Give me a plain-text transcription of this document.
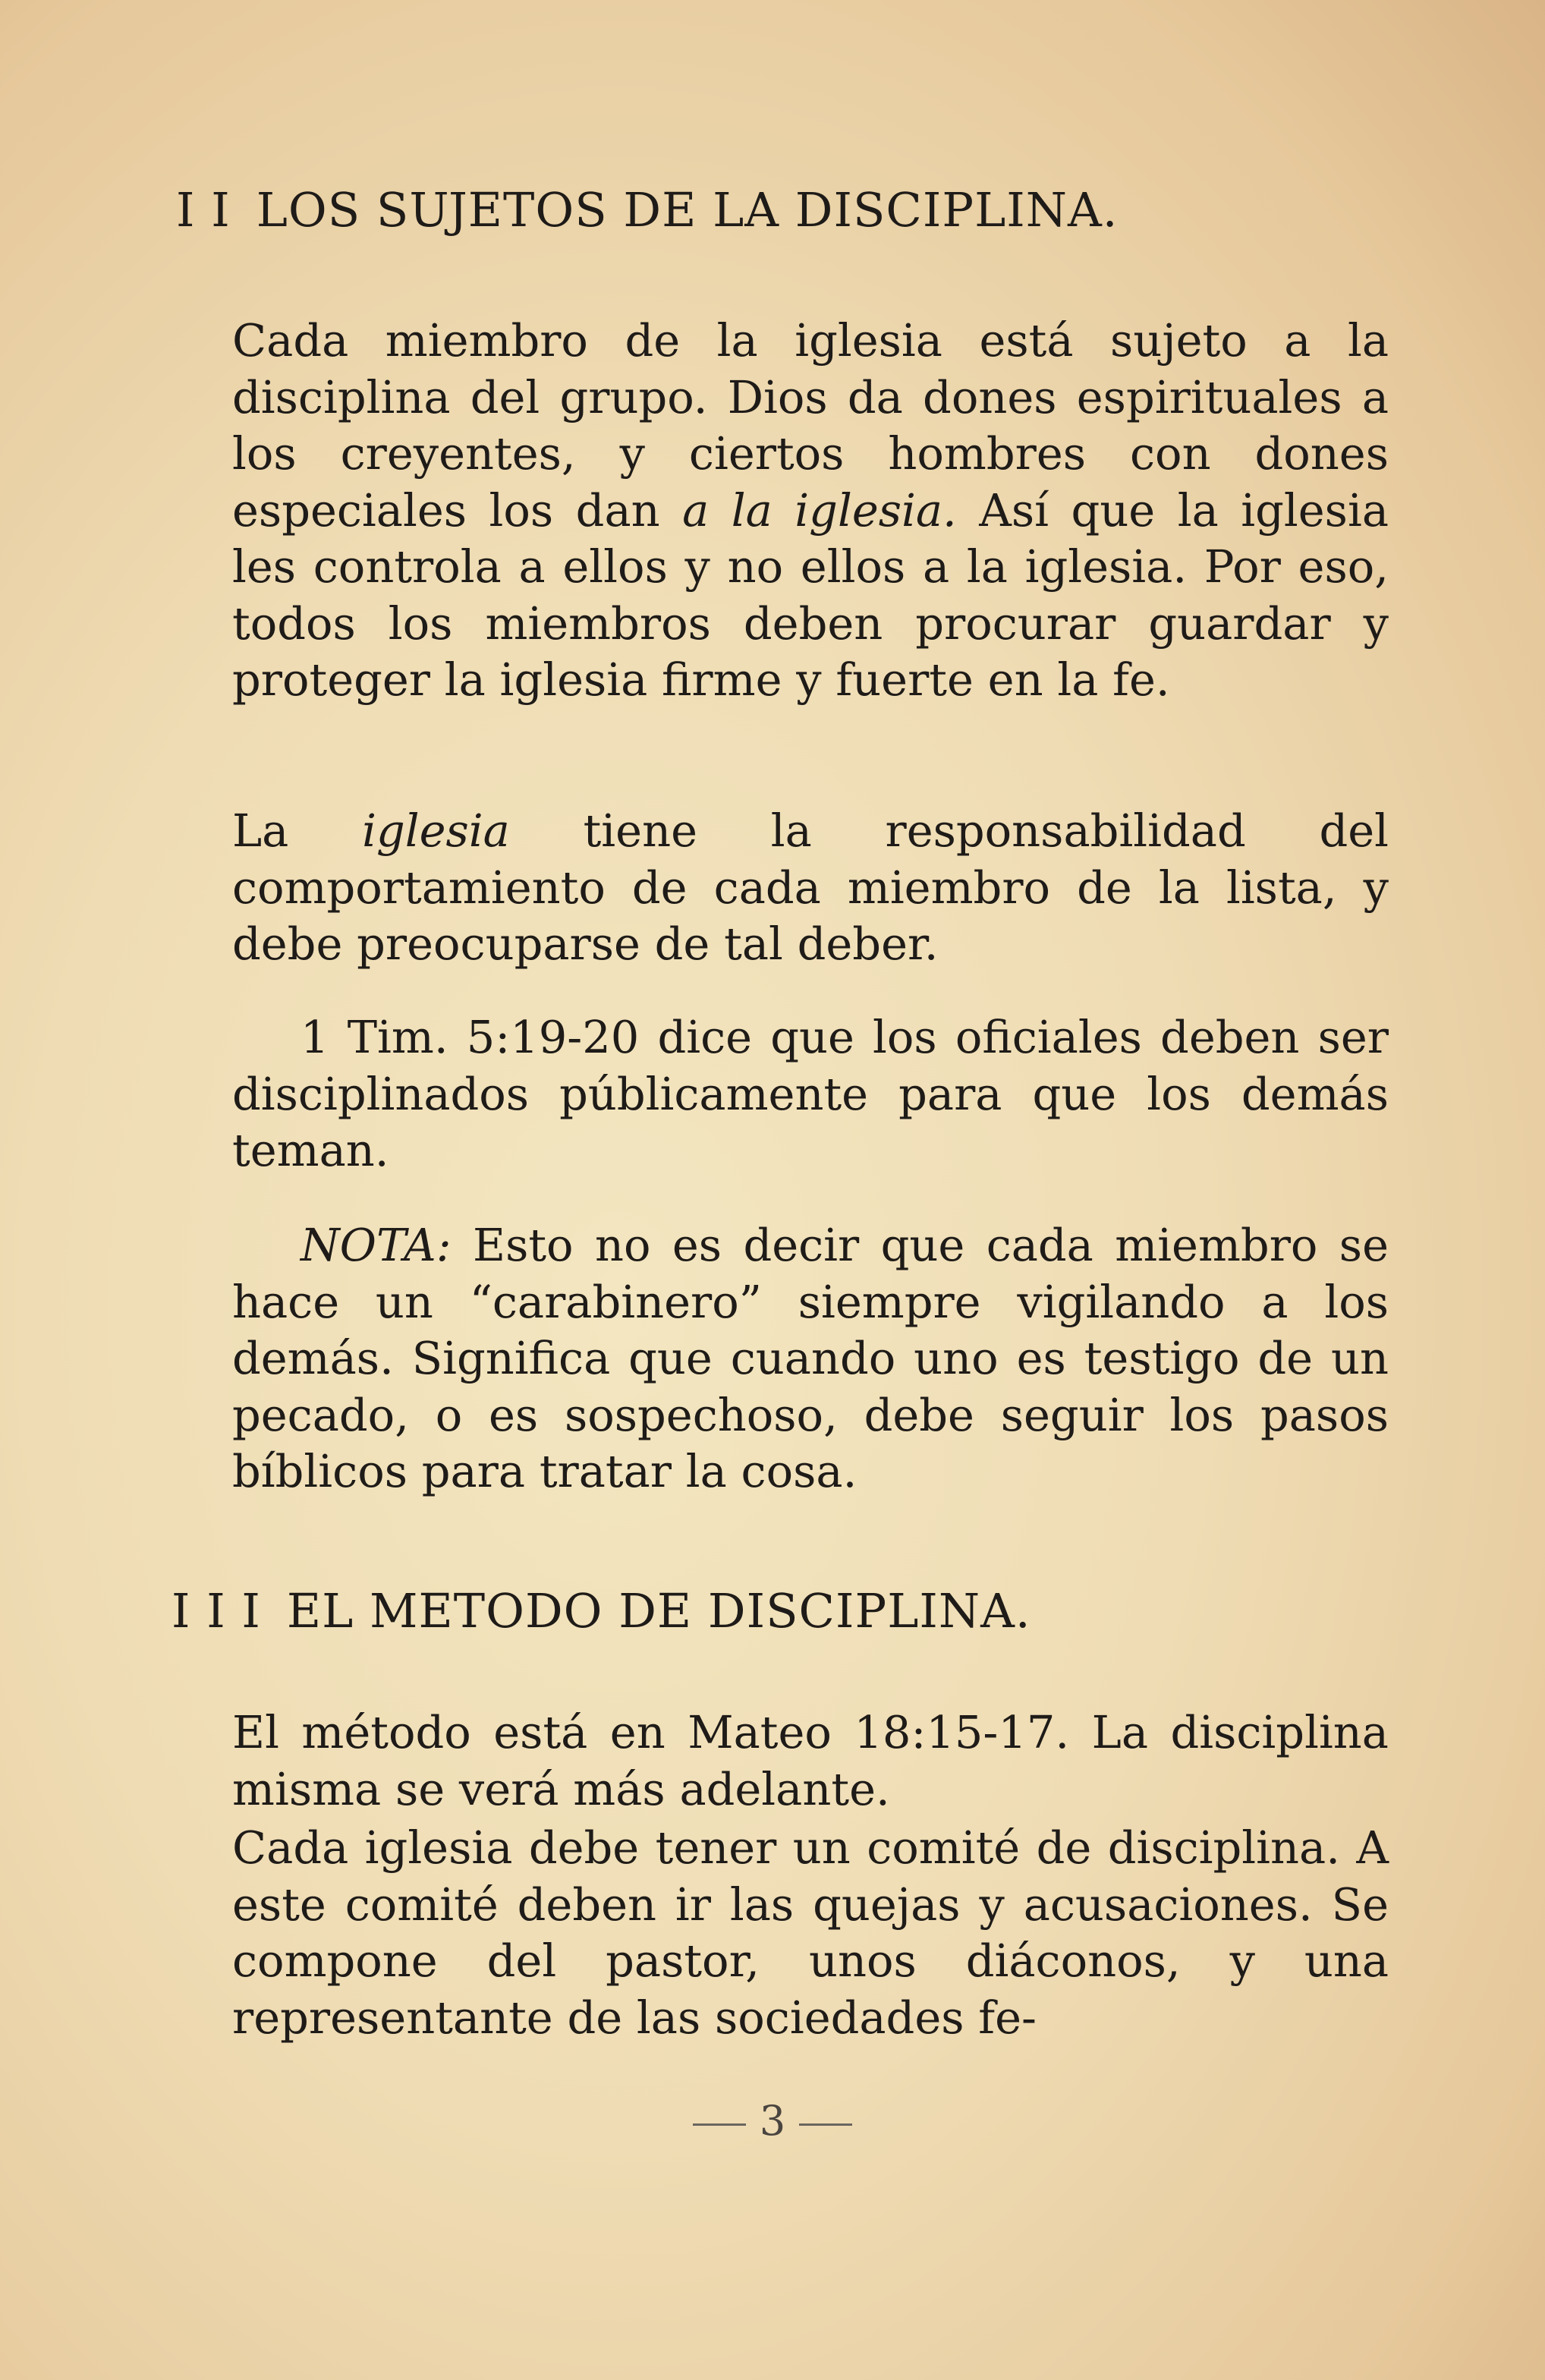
I I LOS SUJETOS DE LA DISCIPLINA.
Cada miembro de la iglesia está sujeto a la disciplina del grupo. Dios da dones espirituales a los creyentes, y ciertos hombres con dones especiales los dan a la iglesia. Así que la iglesia les controla a ellos y no ellos a la iglesia. Por eso, todos los miembros deben procurar guardar y proteger la iglesia firme y fuerte en la fe.
La iglesia tiene la responsabilidad del comportamiento de cada miembro de la lista, y debe preocuparse de tal deber.
1 Tim. 5:19-20 dice que los oficiales deben ser disciplinados públicamente para que los demás teman.
NOTA: Esto no es decir que cada miembro se hace un “carabinero” siempre vigilando a los demás. Significa que cuando uno es testigo de un pecado, o es sospechoso, debe seguir los pasos bíblicos para tratar la cosa.
I I I EL METODO DE DISCIPLINA.
El método está en Mateo 18:15-17. La disciplina misma se verá más adelante.
Cada iglesia debe tener un comité de disciplina. A este comité deben ir las quejas y acusaciones. Se compone del pastor, unos diáconos, y una representante de las sociedades fe-
3
